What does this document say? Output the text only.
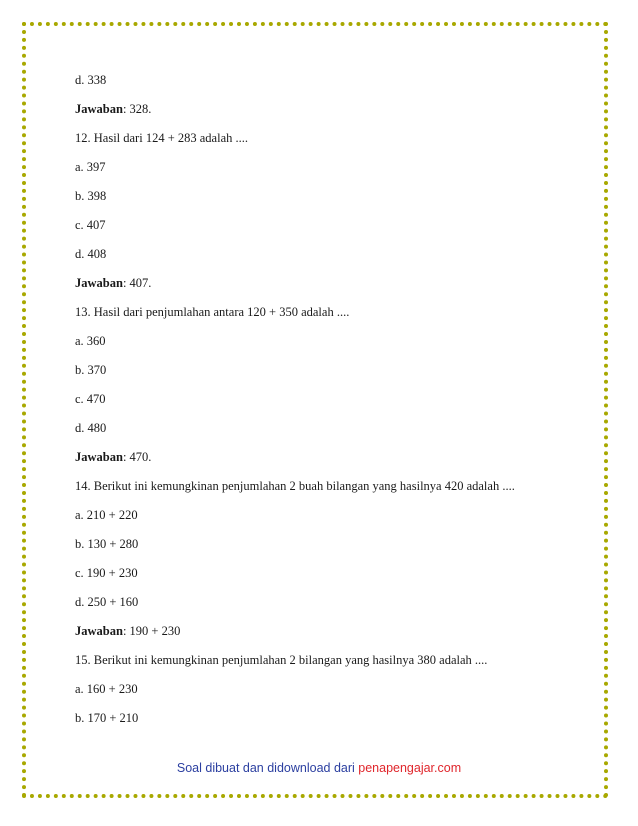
d. 338
Jawaban: 328.
12. Hasil dari 124 + 283 adalah ....
a. 397
b. 398
c. 407
d. 408
Jawaban: 407.
13. Hasil dari penjumlahan antara 120 + 350 adalah ....
a. 360
b. 370
c. 470
d. 480
Jawaban: 470.
14. Berikut ini kemungkinan penjumlahan 2 buah bilangan yang hasilnya 420 adalah ....
a. 210 + 220
b. 130 + 280
c. 190 + 230
d. 250 + 160
Jawaban: 190 + 230
15. Berikut ini kemungkinan penjumlahan 2 bilangan yang hasilnya 380 adalah ....
a. 160 + 230
b. 170 + 210
Soal dibuat dan didownload dari penapengajar.com
